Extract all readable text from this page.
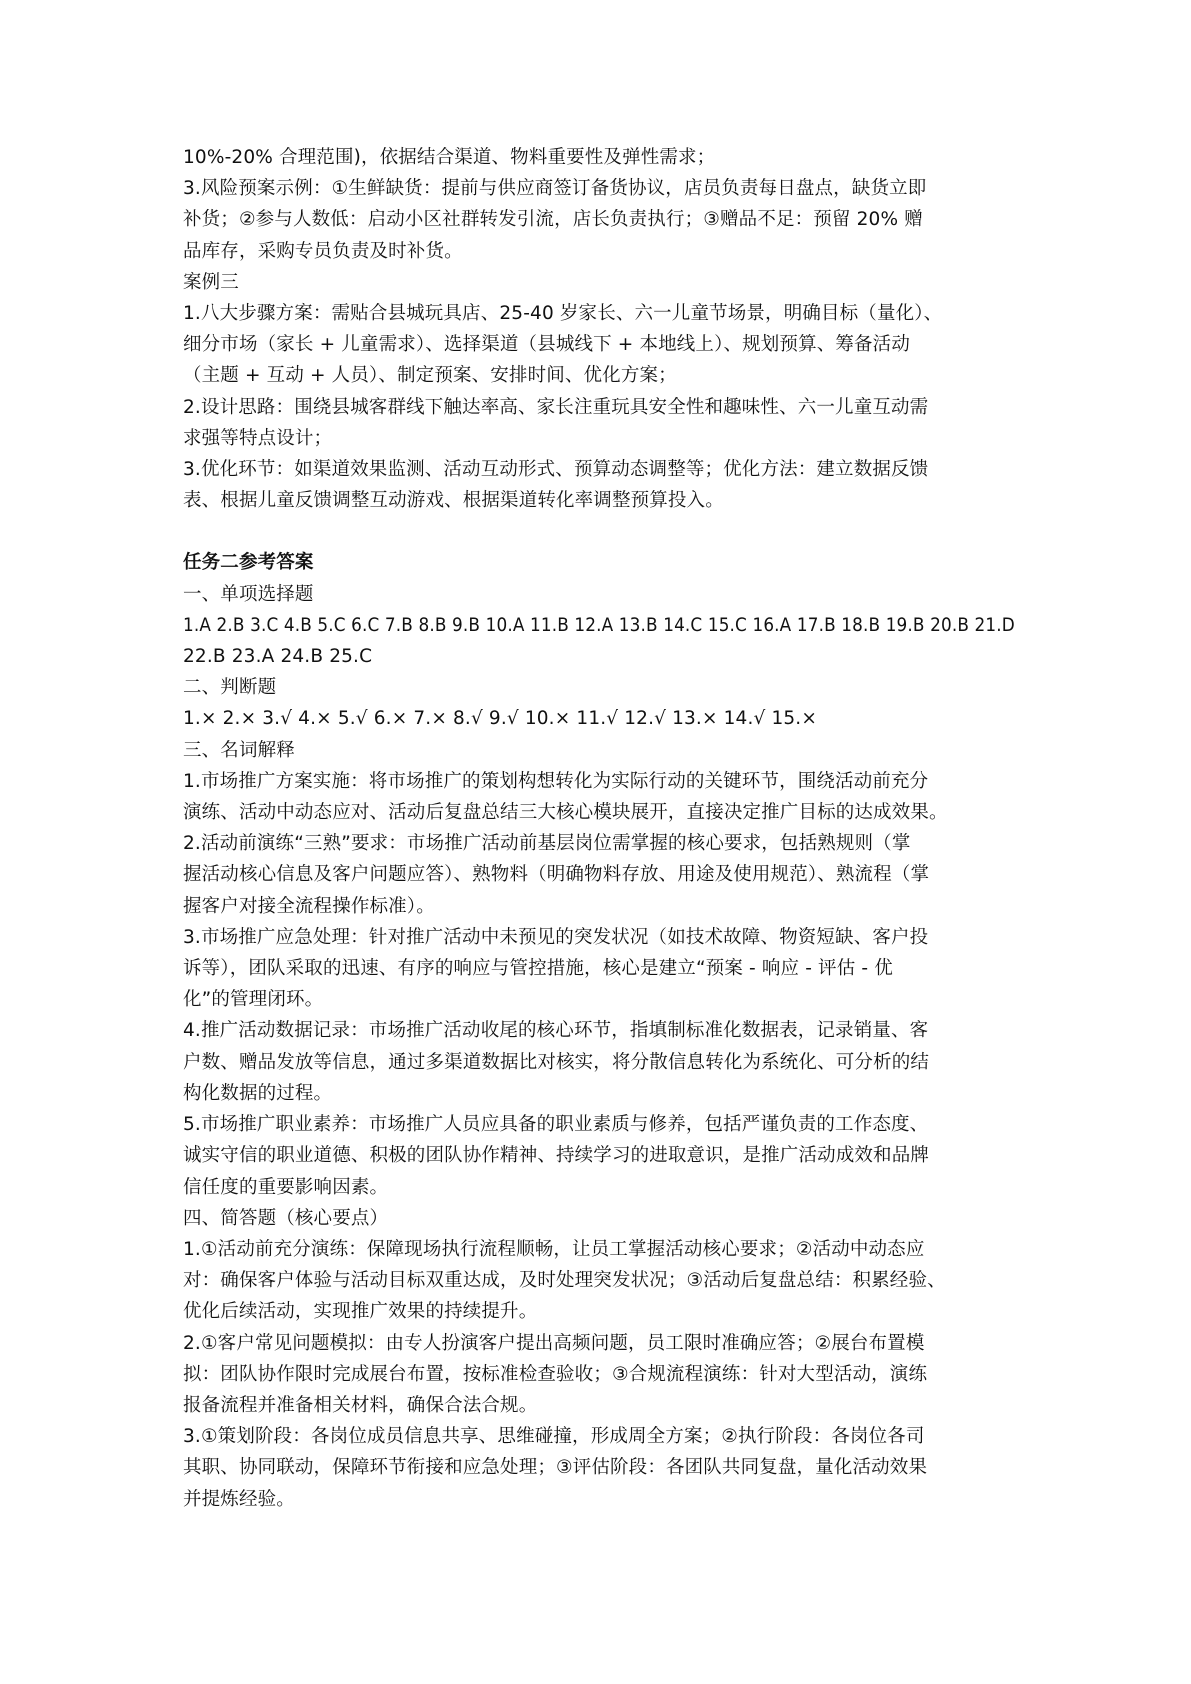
10%-20% 合理范围)，依据结合渠道、物料重要性及弹性需求；
3.风险预案示例：①生鲜缺货：提前与供应商签订备货协议，店员负责每日盘点，缺货立即
补货；②参与人数低：启动小区社群转发引流，店长负责执行；③赠品不足：预留 20% 赠
品库存，采购专员负责及时补货。
案例三
1.八大步骤方案：需贴合县城玩具店、25-40 岁家长、六一儿童节场景，明确目标（量化）、
细分市场（家长 + 儿童需求）、选择渠道（县城线下 + 本地线上）、规划预算、筹备活动
（主题 + 互动 + 人员）、制定预案、安排时间、优化方案；
2.设计思路：围绕县城客群线下触达率高、家长注重玩具安全性和趣味性、六一儿童互动需
求强等特点设计；
3.优化环节：如渠道效果监测、活动互动形式、预算动态调整等；优化方法：建立数据反馈
表、根据儿童反馈调整互动游戏、根据渠道转化率调整预算投入。
任务二参考答案
一、单项选择题
1.A 2.B 3.C 4.B 5.C 6.C 7.B 8.B 9.B 10.A 11.B 12.A 13.B 14.C 15.C 16.A 17.B 18.B 19.B 20.B 21.D
22.B 23.A 24.B 25.C
二、判断题
1.× 2.× 3.√ 4.× 5.√ 6.× 7.× 8.√ 9.√ 10.× 11.√ 12.√ 13.× 14.√ 15.×
三、名词解释
1.市场推广方案实施：将市场推广的策划构想转化为实际行动的关键环节，围绕活动前充分
演练、活动中动态应对、活动后复盘总结三大核心模块展开，直接决定推广目标的达成效果。
2.活动前演练“三熟”要求：市场推广活动前基层岗位需掌握的核心要求，包括熟规则（掌
握活动核心信息及客户问题应答）、熟物料（明确物料存放、用途及使用规范）、熟流程（掌
握客户对接全流程操作标准）。
3.市场推广应急处理：针对推广活动中未预见的突发状况（如技术故障、物资短缺、客户投
诉等），团队采取的迅速、有序的响应与管控措施，核心是建立“预案 - 响应 - 评估 - 优
化”的管理闭环。
4.推广活动数据记录：市场推广活动收尾的核心环节，指填制标准化数据表，记录销量、客
户数、赠品发放等信息，通过多渠道数据比对核实，将分散信息转化为系统化、可分析的结
构化数据的过程。
5.市场推广职业素养：市场推广人员应具备的职业素质与修养，包括严谨负责的工作态度、
诚实守信的职业道德、积极的团队协作精神、持续学习的进取意识，是推广活动成效和品牌
信任度的重要影响因素。
四、简答题（核心要点）
1.①活动前充分演练：保障现场执行流程顺畅，让员工掌握活动核心要求；②活动中动态应
对：确保客户体验与活动目标双重达成，及时处理突发状况；③活动后复盘总结：积累经验、
优化后续活动，实现推广效果的持续提升。
2.①客户常见问题模拟：由专人扮演客户提出高频问题，员工限时准确应答；②展台布置模
拟：团队协作限时完成展台布置，按标准检查验收；③合规流程演练：针对大型活动，演练
报备流程并准备相关材料，确保合法合规。
3.①策划阶段：各岗位成员信息共享、思维碰撞，形成周全方案；②执行阶段：各岗位各司
其职、协同联动，保障环节衔接和应急处理；③评估阶段：各团队共同复盘，量化活动效果
并提炼经验。
